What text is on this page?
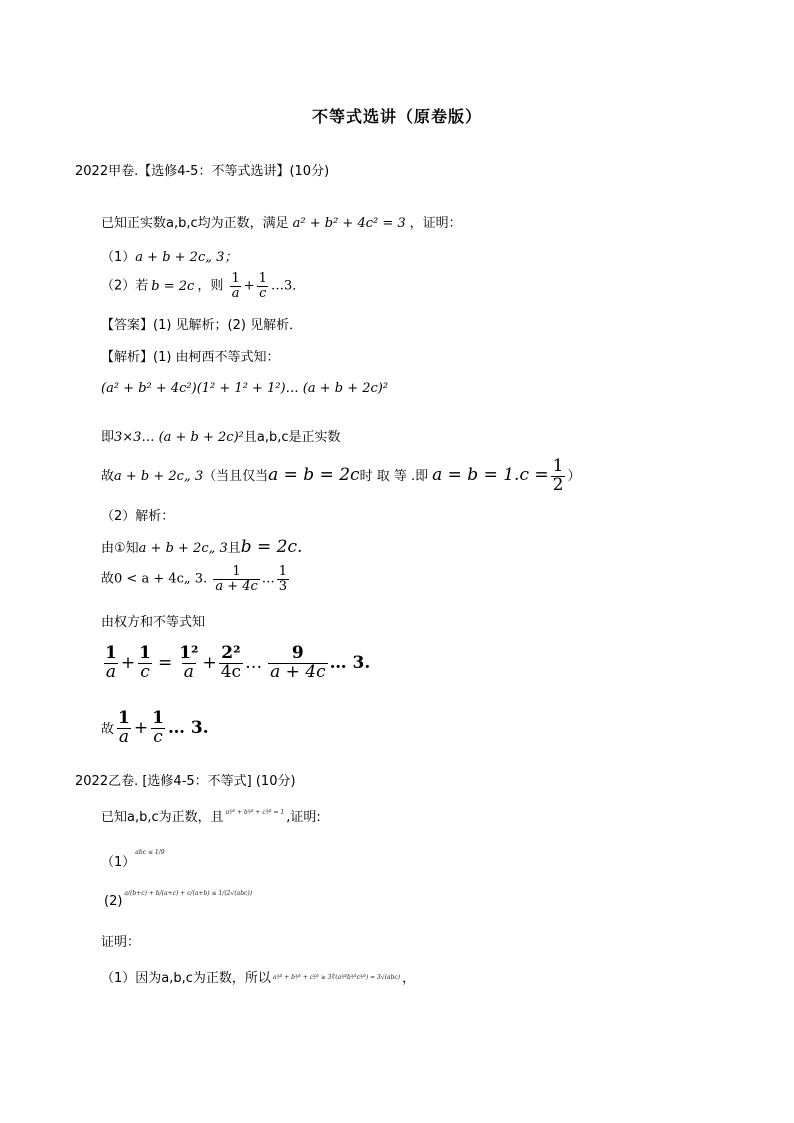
不等式选讲（原卷版）
2022甲卷.【选修4-5：不等式选讲】(10分)
已知正实数a,b,c均为正数，满足 a² + b² + 4c² = 3 ，证明：
（1）a + b + 2c„ 3；
（2）若 b = 2c ，则 $\frac{1}{a} + \frac{1}{c}$ …3．
【答案】(1) 见解析；(2) 见解析．
【解析】(1) 由柯西不等式知：
(a² + b² + 4c²)(1² + 1² + 1²)… (a + b + 2c)²
即3×3… (a + b + 2c)²且a,b,c是正实数
故a + b + 2c„ 3（当且仅当a = b = 2c时 取 等 .即 $a = b = 1.c = \frac{1}{2}$ ）
（2）解析：
由①知a + b + 2c„ 3且b = 2c.
故0 < a + 4c„ 3. $\frac{1}{a + 4c}$ … $\frac{1}{3}$
由权方和不等式知
$\frac{1}{a} + \frac{1}{c} = \frac{\text{1²}}{a} + \frac{\text{2²}}{4c}$ … $\frac{9}{a + 4c}$ … 3.
故 $\frac{1}{a} + \frac{1}{c}$ … 3.
2022乙卷. [选修4-5：不等式] (10分)
已知a,b,c为正数，且 $^{a^3⁄^2 + b^3⁄^2 + c^3⁄^2 = 1}$ ,证明:
$(1)^{abc \le 1/9}$
$(2)^{a/(b+c) + b/(a+c) + c/(a+b) \le 1/(2√(abc))}$
证明：
（1）因为a,b,c为正数，所以 $^{a^3⁄^2 + b^3⁄^2 + c^3⁄^2 \ge 3∛(a^3⁄^2b^3⁄^2c^3⁄^2) = 3√(abc)}$ ，
